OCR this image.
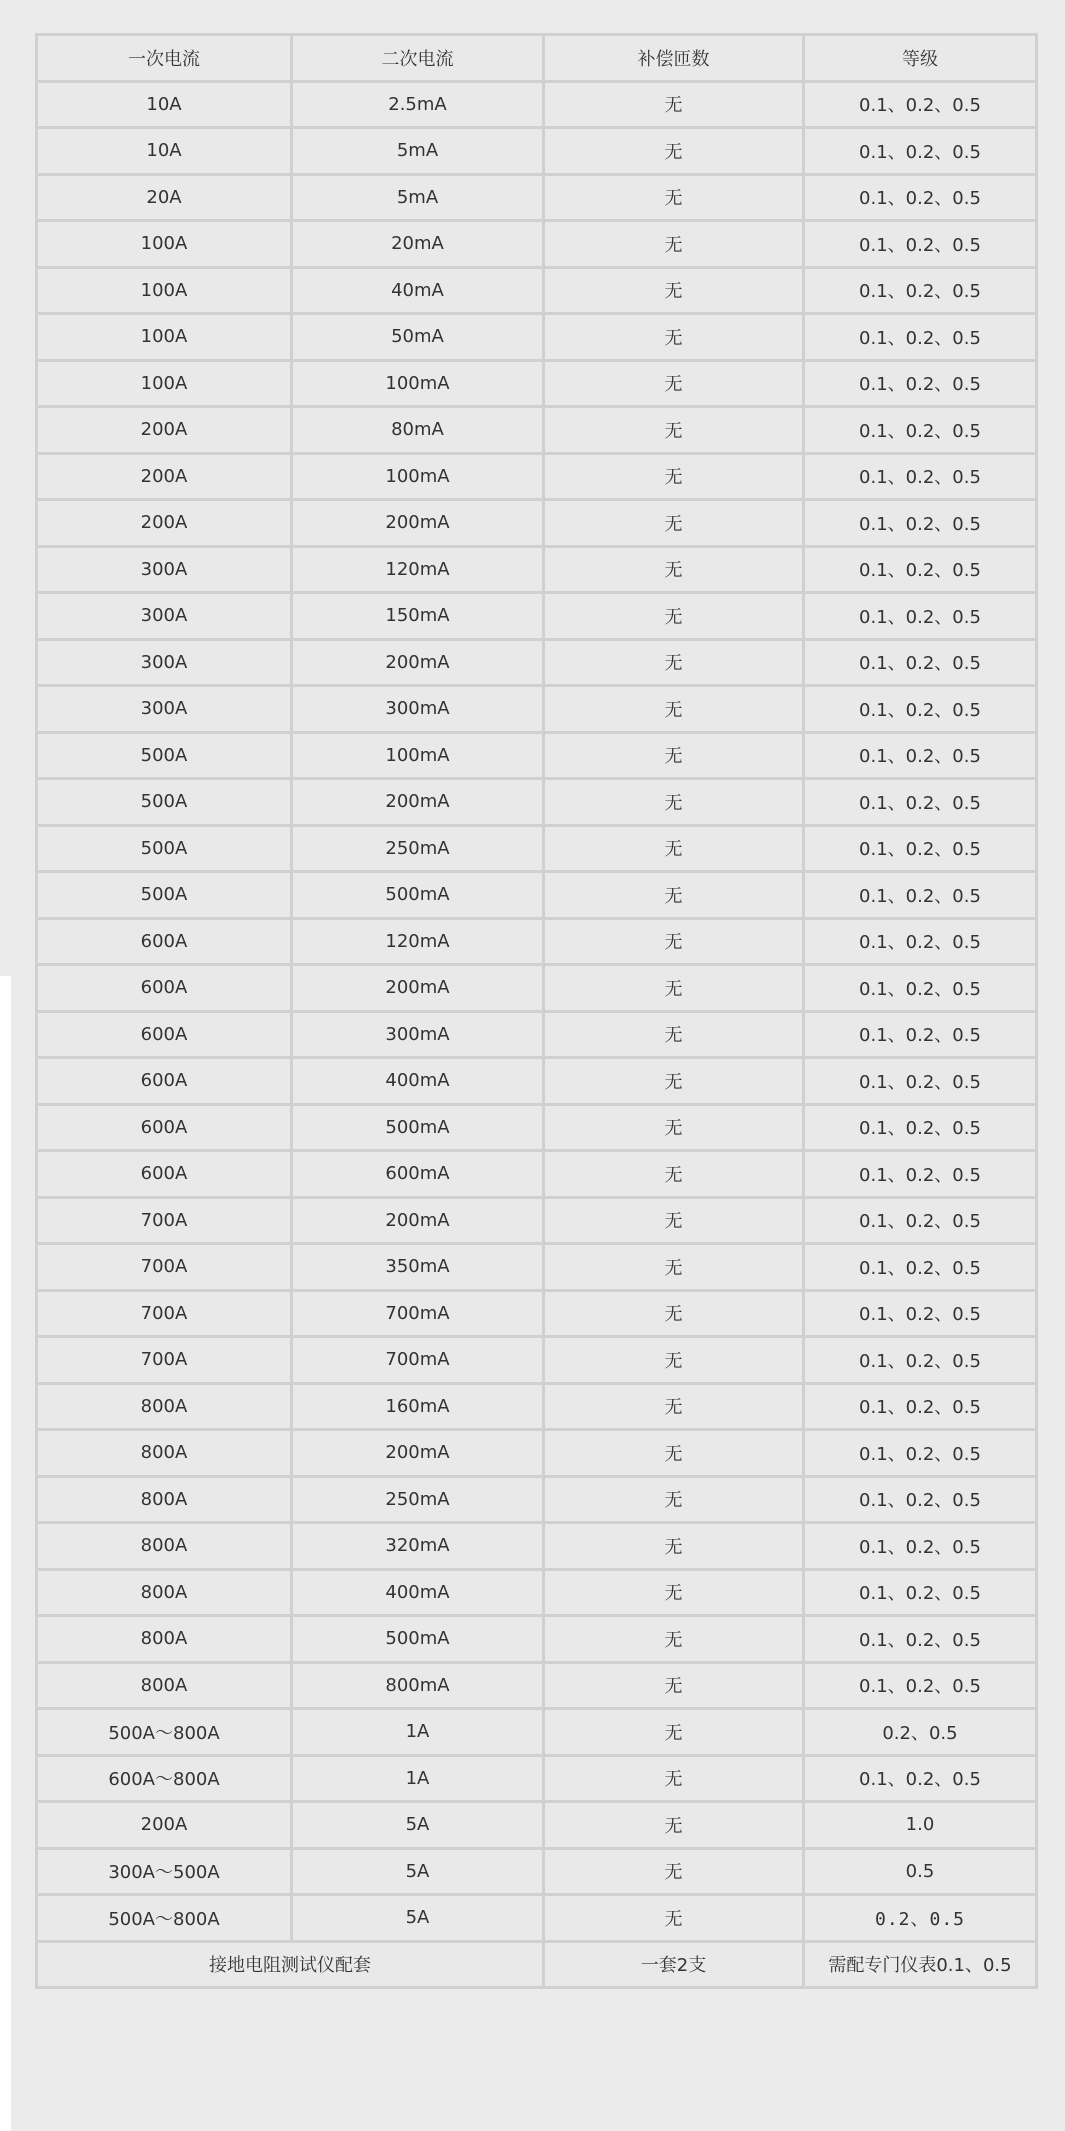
一次电流	二次电流	补偿匝数	等级
10A	2.5mA	无	0.1、0.2、0.5
10A	5mA	无	0.1、0.2、0.5
20A	5mA	无	0.1、0.2、0.5
100A	20mA	无	0.1、0.2、0.5
100A	40mA	无	0.1、0.2、0.5
100A	50mA	无	0.1、0.2、0.5
100A	100mA	无	0.1、0.2、0.5
200A	80mA	无	0.1、0.2、0.5
200A	100mA	无	0.1、0.2、0.5
200A	200mA	无	0.1、0.2、0.5
300A	120mA	无	0.1、0.2、0.5
300A	150mA	无	0.1、0.2、0.5
300A	200mA	无	0.1、0.2、0.5
300A	300mA	无	0.1、0.2、0.5
500A	100mA	无	0.1、0.2、0.5
500A	200mA	无	0.1、0.2、0.5
500A	250mA	无	0.1、0.2、0.5
500A	500mA	无	0.1、0.2、0.5
600A	120mA	无	0.1、0.2、0.5
600A	200mA	无	0.1、0.2、0.5
600A	300mA	无	0.1、0.2、0.5
600A	400mA	无	0.1、0.2、0.5
600A	500mA	无	0.1、0.2、0.5
600A	600mA	无	0.1、0.2、0.5
700A	200mA	无	0.1、0.2、0.5
700A	350mA	无	0.1、0.2、0.5
700A	700mA	无	0.1、0.2、0.5
700A	700mA	无	0.1、0.2、0.5
800A	160mA	无	0.1、0.2、0.5
800A	200mA	无	0.1、0.2、0.5
800A	250mA	无	0.1、0.2、0.5
800A	320mA	无	0.1、0.2、0.5
800A	400mA	无	0.1、0.2、0.5
800A	500mA	无	0.1、0.2、0.5
800A	800mA	无	0.1、0.2、0.5
500A～800A	1A	无	0.2、0.5
600A～800A	1A	无	0.1、0.2、0.5
200A	5A	无	1.0
300A～500A	5A	无	0.5
500A～800A	5A	无	0.2、0.5
接地电阻测试仪配套		一套2支	需配专门仪表0.1、0.5
